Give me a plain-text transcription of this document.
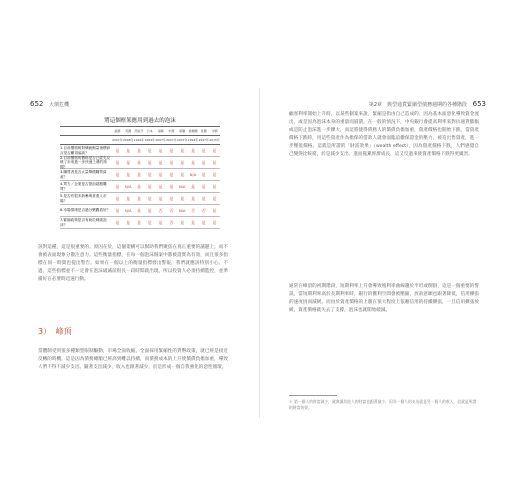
652 大債危機
將這個框架應用到過去的泡沫
美國	英國	西班牙	日本	南韓	中國	希臘	愛爾蘭	泰國	中國
2007年 2008年 1929年 1989年 2007年 2007年 2007年 1994年 1997年 2015年
1.目前價格相對傳統衡量指標而言是否顯得偏高？	是	是	是	是	是	是	是	是	是	是
2.目前價格的價格是否已經先反映了未來進一步快速上漲的預期？
是	是	是	是	是	是	是	是	是	是
3.購買者是否大量舉債購買資產？	是	是	是	是	是	是	是	N/A	是	是
4.買方／企業是否提前超額購買？	是	N/A	是	是	是	是	N/A	是	是	是
5.是否有很多新參與者進入市場？	是	是	是	是	是	是	是	是	是	是
6.市場情緒是否過分樂觀看好？	是	N/A	是	是	否	否	N/A	否	否	是
7.緊縮政策是否有助於刺破泡沫？	是	是	是	是	是	否	是	是	是	是
該對這種，這是很重要的。原因在於，這個架構可以幫助我們聚焦在真正重要的議題上，而不會被表面現象分散注意力。這些衡量指標，在每一個泡沫個案中都被證實為有效，而且很多指標在同一時間也提出警告。如果在一個以上的衡量指標發出警報，我們就應該特別小心。不過，這些指標並不一定會在泡沫破滅前很長一段時間就出現，所以投資人必須持續監控，並準備好在必要時迅速行動。
3） 峰頂
當體制受到很多種類型限制驅動，市場全面收縮，全面採用緊縮性的貨幣政策，就已經是接近反轉的時機。這是因為債務總額已經高到難以持續，而債務成本的上升使償債負擔加重，導致人們不得不減少支出。隨著支出減少，收入也跟著減少，於是形成一個自我強化的惡性循環。
第2章　典型通貨緊縮型債務週期的各種階段 653
顧客利率開始上升時，以某些個案來說，緊縮是指由自己造成的，因為基本面惡化導致資金流出，或是因為泡沫本身的重量而崩潰。在一般的情況下，中央銀行會提高利率來對抗通貨膨脹或是防止泡沫進一步擴大，而這將使得債務人的償債負擔加重，資產價格也開始下跌。當資產價格下跌時，用這些資產作為擔保的借款人就會面臨追繳保證金的壓力，被迫出售資產，進一步壓低價格。這就是所謂的「財富效果」（wealth effect），因為資產價格下跌，人們感覺自己變得比較窮，於是減少支出，進而拖累經濟成長，這又反過來使資產價格下跌得更厲害。
通常在峰頂的初期階段，短期利率上升會導致殖利率曲線趨於平坦或倒掛，這是一個重要的警訊。當短期利率高於長期利率時，銀行的獲利空間會被壓縮，放款意願也跟著降低，信用擴張的速度因而減緩。而由於資產價格的上漲在很大程度上依賴信用的持續擴張，一旦信用擴張放緩，資產價格就失去了支撐，泡沫也就開始破滅。
＊ 第一個人的財富減少，就會讓其他人的財富也跟著減少，因為一個人的支出就是另一個人的收入。這就是所謂的財富效果。
